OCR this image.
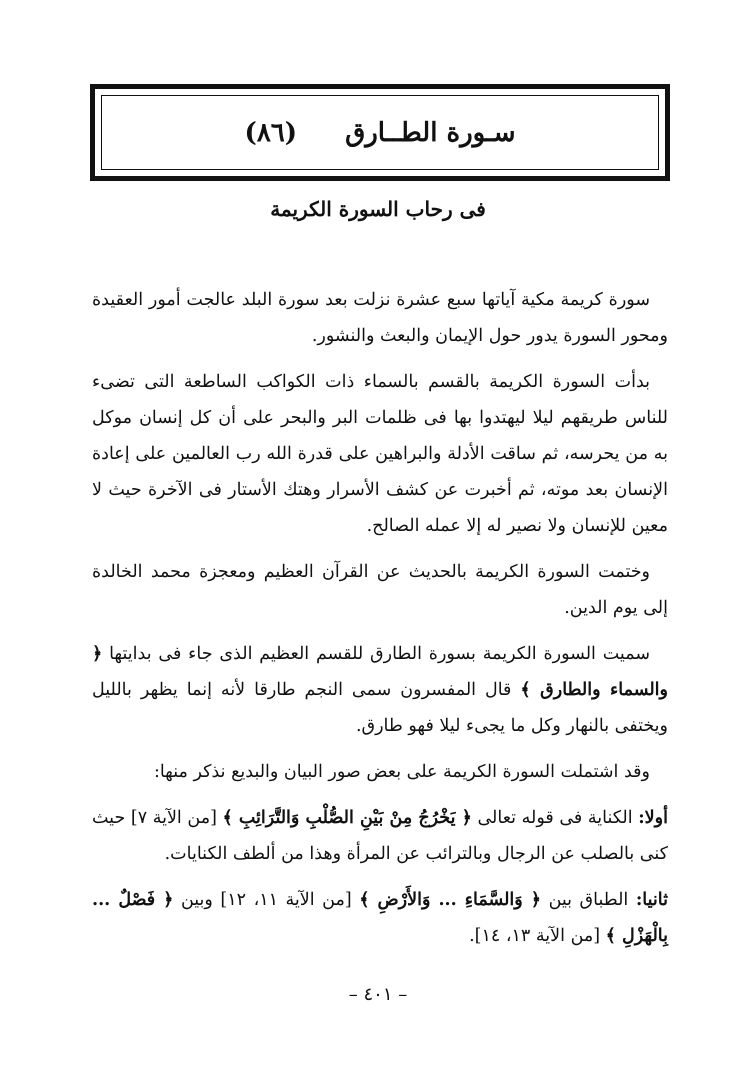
سـورة الطــارق
(٨٦)
فى رحاب السورة الكريمة

سورة كريمة مكية آياتها سبع عشرة نزلت بعد سورة البلد عالجت أمور العقيدة ومحور السورة يدور حول الإيمان والبعث والنشور.

بدأت السورة الكريمة بالقسم بالسماء ذات الكواكب الساطعة التى تضىء للناس طريقهم ليلا ليهتدوا بها فى ظلمات البر والبحر على أن كل إنسان موكل به من يحرسه، ثم ساقت الأدلة والبراهين على قدرة الله رب العالمين على إعادة الإنسان بعد موته، ثم أخبرت عن كشف الأسرار وهتك الأستار فى الآخرة حيث لا معين للإنسان ولا نصير له إلا عمله الصالح.

وختمت السورة الكريمة بالحديث عن القرآن العظيم ومعجزة محمد الخالدة إلى يوم الدين.

سميت السورة الكريمة بسورة الطارق للقسم العظيم الذى جاء فى بدايتها ﴿ والسماء والطارق ﴾ قال المفسرون سمى النجم طارقا لأنه إنما يظهر بالليل ويختفى بالنهار وكل ما يجىء ليلا فهو طارق.

وقد اشتملت السورة الكريمة على بعض صور البيان والبديع نذكر منها:

أولا: الكناية فى قوله تعالى ﴿ يَخْرُجُ مِنْ بَيْنِ الصُّلْبِ وَالتَّرَائِبِ ﴾ [من الآية ٧] حيث كنى بالصلب عن الرجال وبالترائب عن المرأة وهذا من ألطف الكنايات.

ثانيا: الطباق بين ﴿ وَالسَّمَاءِ ... وَالأَرْضِ ﴾ [من الآية ١١، ١٢] وبين ﴿ فَصْلٌ ... بِالْهَزْلِ ﴾ [من الآية ١٣، ١٤].

– ٤٠١ –
